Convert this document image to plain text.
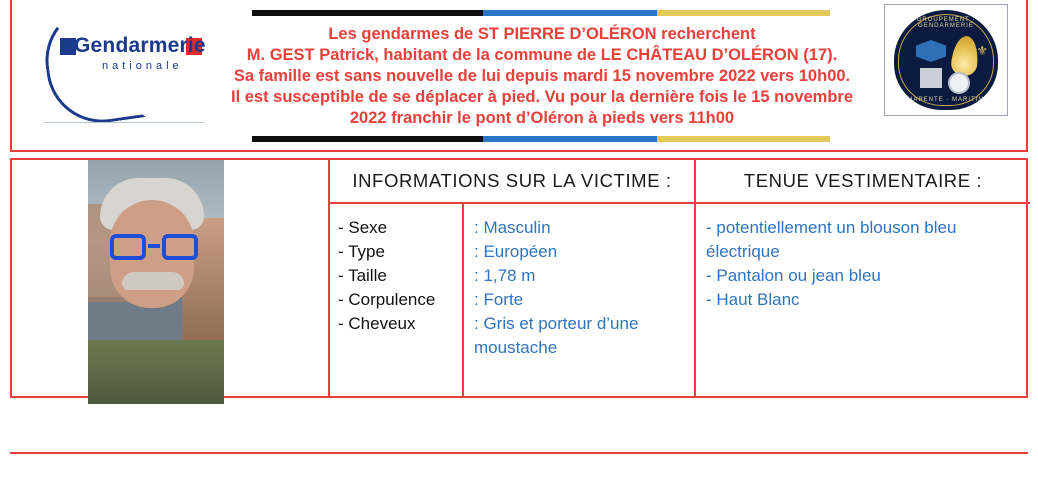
Gendarmerie
nationale
Les gendarmes de ST PIERRE D’OLÉRON recherchent
M. GEST Patrick, habitant de la commune de LE CHÂTEAU D’OLÉRON (17).
Sa famille est sans nouvelle de lui depuis mardi 15 novembre 2022 vers 10h00.
Il est susceptible de se déplacer à pied. Vu pour la dernière fois le 15 novembre
2022 franchir le pont d’Oléron à pieds vers 11h00
GROUPEMENT · GENDARMERIE
⚜
CHARENTE · MARITIME
INFORMATIONS SUR LA VICTIME :
- Sexe
- Type
- Taille
- Corpulence
- Cheveux
: Masculin
: Européen
: 1,78 m
: Forte
: Gris et porteur d’une moustache
TENUE VESTIMENTAIRE :
- potentiellement un blouson bleu électrique
- Pantalon ou jean bleu
- Haut Blanc
